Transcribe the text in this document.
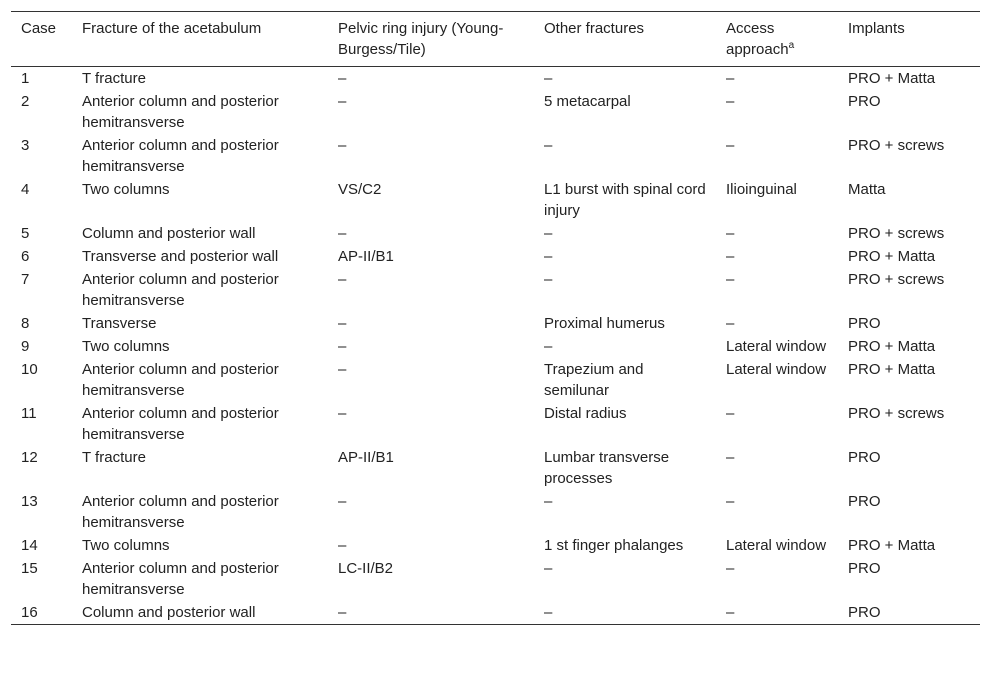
Case	Fracture of the acetabulum	Pelvic ring injury (Young-Burgess/Tile)	Other fractures	Access approach$^a$	Implants
1	T fracture	–	–	–	PRO + Matta
2	Anterior column and posterior hemitransverse	–	5 metacarpal	–	PRO
3	Anterior column and posterior hemitransverse	–	–	–	PRO + screws
4	Two columns	VS/C2	L1 burst with spinal cord injury	Ilioinguinal	Matta
5	Column and posterior wall	–	–	–	PRO + screws
6	Transverse and posterior wall	AP-II/B1	–	–	PRO + Matta
7	Anterior column and posterior hemitransverse	–	–	–	PRO + screws
8	Transverse	–	Proximal humerus	–	PRO
9	Two columns	–	–	Lateral window	PRO + Matta
10	Anterior column and posterior hemitransverse	–	Trapezium and semilunar	Lateral window	PRO + Matta
11	Anterior column and posterior hemitransverse	–	Distal radius	–	PRO + screws
12	T fracture	AP-II/B1	Lumbar transverse processes	–	PRO
13	Anterior column and posterior hemitransverse	–	–	–	PRO
14	Two columns	–	1 st finger phalanges	Lateral window	PRO + Matta
15	Anterior column and posterior hemitransverse	LC-II/B2	–	–	PRO
16	Column and posterior wall	–	–	–	PRO
